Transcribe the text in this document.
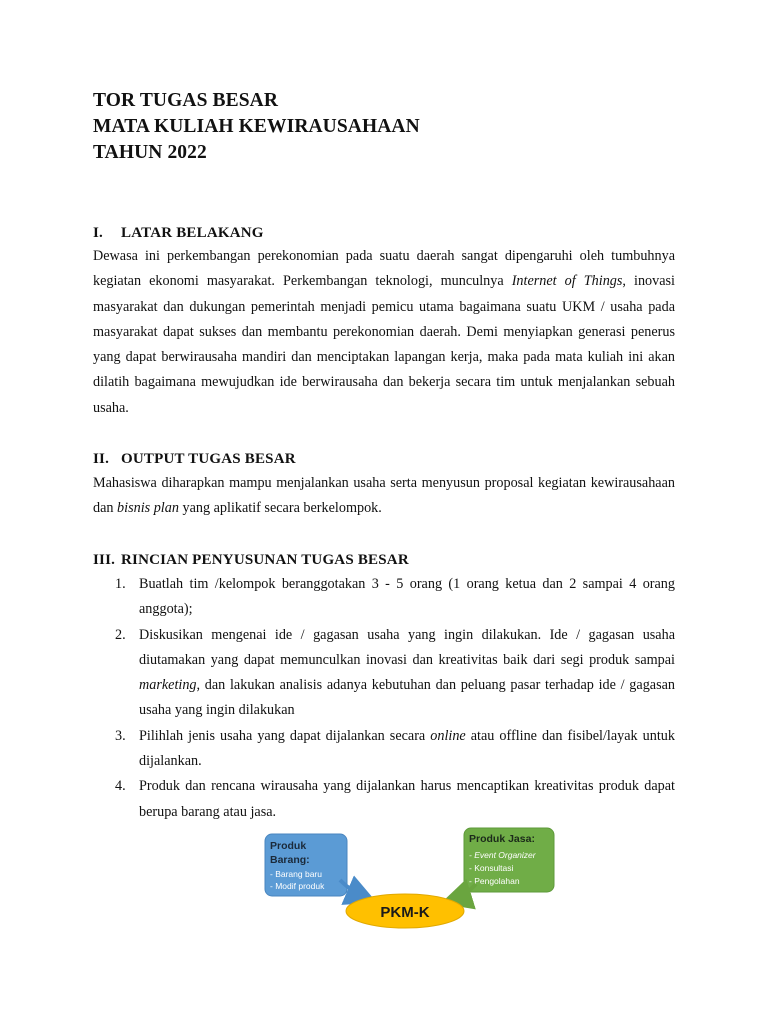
TOR TUGAS BESAR
MATA KULIAH KEWIRAUSAHAAN
TAHUN 2022
I. LATAR BELAKANG

Dewasa ini perkembangan perekonomian pada suatu daerah sangat dipengaruhi oleh tumbuhnya kegiatan ekonomi masyarakat. Perkembangan teknologi, munculnya Internet of Things, inovasi masyarakat dan dukungan pemerintah menjadi pemicu utama bagaimana suatu UKM / usaha pada masyarakat dapat sukses dan membantu perekonomian daerah. Demi menyiapkan generasi penerus yang dapat berwirausaha mandiri dan menciptakan lapangan kerja, maka pada mata kuliah ini akan dilatih bagaimana mewujudkan ide berwirausaha dan bekerja secara tim untuk menjalankan sebuah usaha.

II. OUTPUT TUGAS BESAR

Mahasiswa diharapkan mampu menjalankan usaha serta menyusun proposal kegiatan kewirausahaan dan bisnis plan yang aplikatif secara berkelompok.

III. RINCIAN PENYUSUNAN TUGAS BESAR
1. Buatlah tim /kelompok beranggotakan 3 - 5 orang (1 orang ketua dan 2 sampai 4 orang anggota);
2. Diskusikan mengenai ide / gagasan usaha yang ingin dilakukan. Ide / gagasan usaha diutamakan yang dapat memunculkan inovasi dan kreativitas baik dari segi produk sampai marketing, dan lakukan analisis adanya kebutuhan dan peluang pasar terhadap ide / gagasan usaha yang ingin dilakukan
3. Pilihlah jenis usaha yang dapat dijalankan secara online atau offline dan fisibel/layak untuk dijalankan.
4. Produk dan rencana wirausaha yang dijalankan harus mencaptikan kreativitas produk dapat berupa barang atau jasa.
Produk
Barang:
- Barang baru
- Modif produk
Produk Jasa:
- Event Organizer
- Konsultasi
- Pengolahan
PKM-K
